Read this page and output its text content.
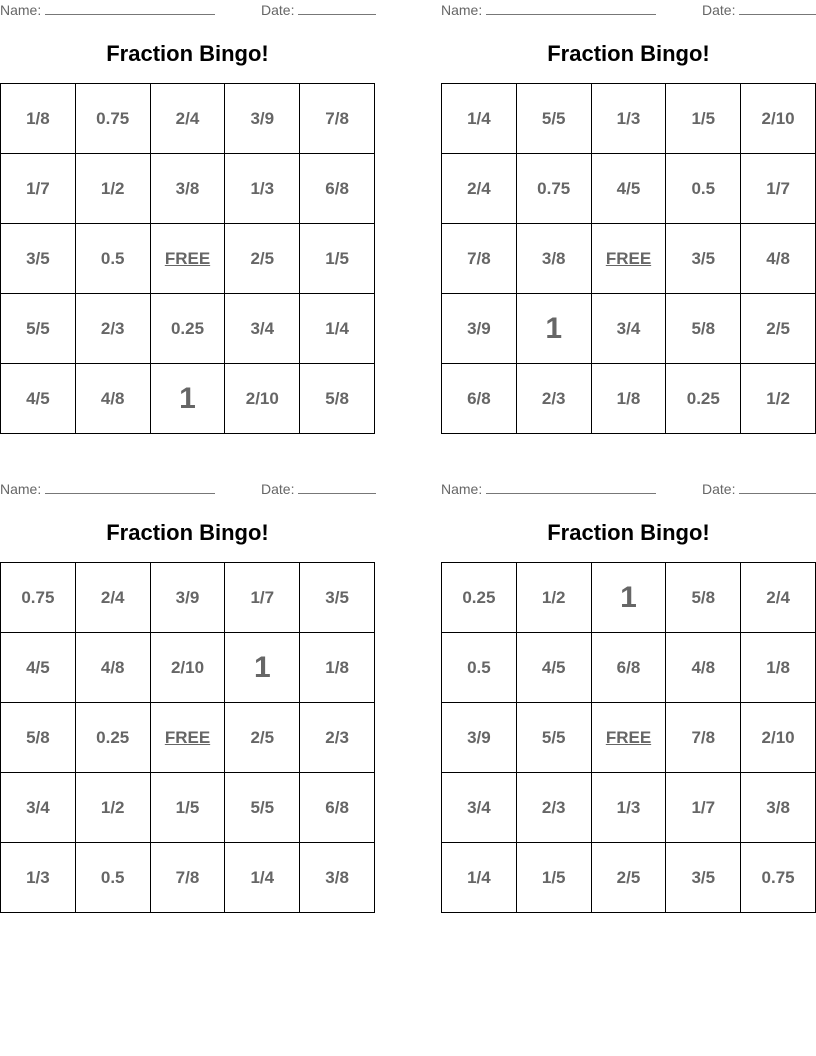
Name:	Date:
Fraction Bingo!
1/8	0.75	2/4	3/9	7/8
1/7	1/2	3/8	1/3	6/8
3/5	0.5	FREE	2/5	1/5
5/5	2/3	0.25	3/4	1/4
4/5	4/8	1	2/10	5/8
Name:	Date:
Fraction Bingo!
1/4	5/5	1/3	1/5	2/10
2/4	0.75	4/5	0.5	1/7
7/8	3/8	FREE	3/5	4/8
3/9	1	3/4	5/8	2/5
6/8	2/3	1/8	0.25	1/2
Name:	Date:
Fraction Bingo!
0.75	2/4	3/9	1/7	3/5
4/5	4/8	2/10	1	1/8
5/8	0.25	FREE	2/5	2/3
3/4	1/2	1/5	5/5	6/8
1/3	0.5	7/8	1/4	3/8
Name:	Date:
Fraction Bingo!
0.25	1/2	1	5/8	2/4
0.5	4/5	6/8	4/8	1/8
3/9	5/5	FREE	7/8	2/10
3/4	2/3	1/3	1/7	3/8
1/4	1/5	2/5	3/5	0.75
